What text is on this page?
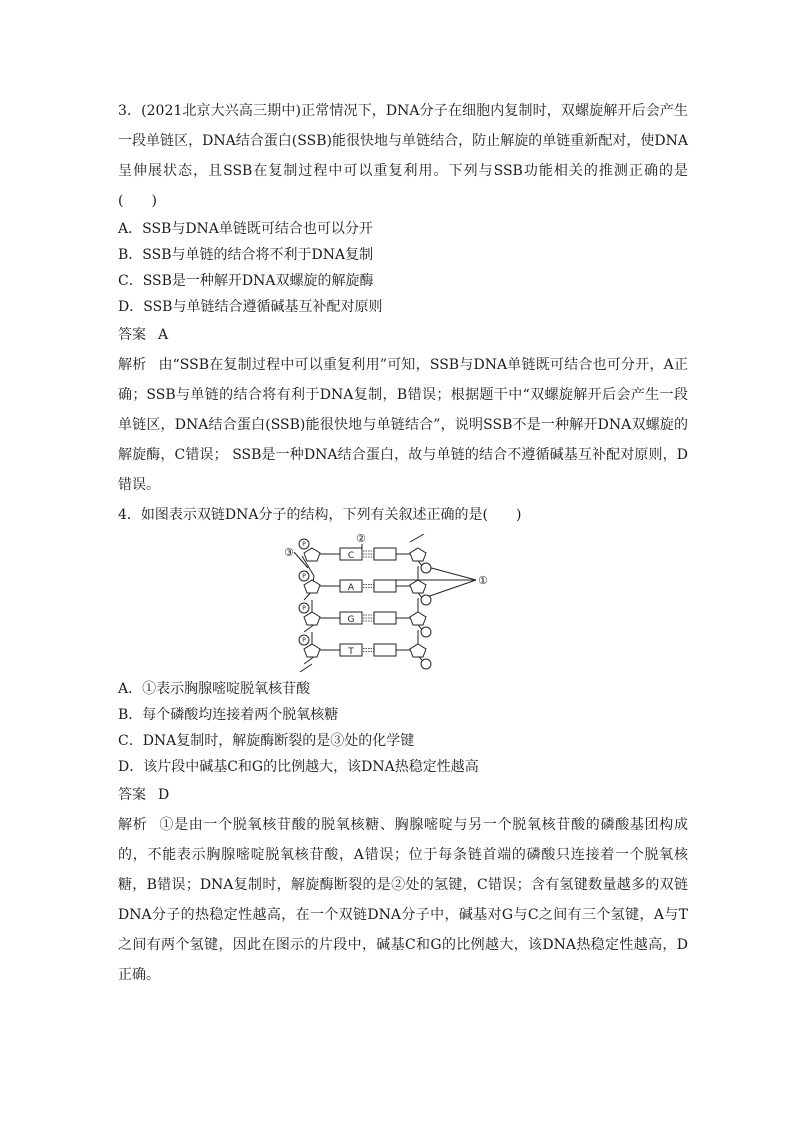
3．(2021北京大兴高三期中)正常情况下，DNA分子在细胞内复制时，双螺旋解开后会产生一段单链区，DNA结合蛋白(SSB)能很快地与单链结合，防止解旋的单链重新配对，使DNA呈伸展状态，且SSB在复制过程中可以重复利用。下列与SSB功能相关的推测正确的是(　　)

A．SSB与DNA单链既可结合也可以分开

B．SSB与单链的结合将不利于DNA复制

C．SSB是一种解开DNA双螺旋的解旋酶

D．SSB与单链结合遵循碱基互补配对原则

答案 A

解析 由“SSB在复制过程中可以重复利用”可知，SSB与DNA单链既可结合也可分开，A正确；SSB与单链的结合将有利于DNA复制，B错误；根据题干中“双螺旋解开后会产生一段单链区，DNA结合蛋白(SSB)能很快地与单链结合”，说明SSB不是一种解开DNA双螺旋的解旋酶，C错误； SSB是一种DNA结合蛋白，故与单链的结合不遵循碱基互补配对原则，D错误。

4．如图表示双链DNA分子的结构，下列有关叙述正确的是(　　)

C
A
G
T
P
P
P
P
③
②
①

A．①表示胸腺嘧啶脱氧核苷酸

B．每个磷酸均连接着两个脱氧核糖

C．DNA复制时，解旋酶断裂的是③处的化学键

D．该片段中碱基C和G的比例越大，该DNA热稳定性越高

答案 D

解析 ①是由一个脱氧核苷酸的脱氧核糖、胸腺嘧啶与另一个脱氧核苷酸的磷酸基团构成的，不能表示胸腺嘧啶脱氧核苷酸，A错误；位于每条链首端的磷酸只连接着一个脱氧核糖，B错误；DNA复制时，解旋酶断裂的是②处的氢键，C错误；含有氢键数量越多的双链DNA分子的热稳定性越高，在一个双链DNA分子中，碱基对G与C之间有三个氢键，A与T之间有两个氢键，因此在图示的片段中，碱基C和G的比例越大，该DNA热稳定性越高，D正确。
